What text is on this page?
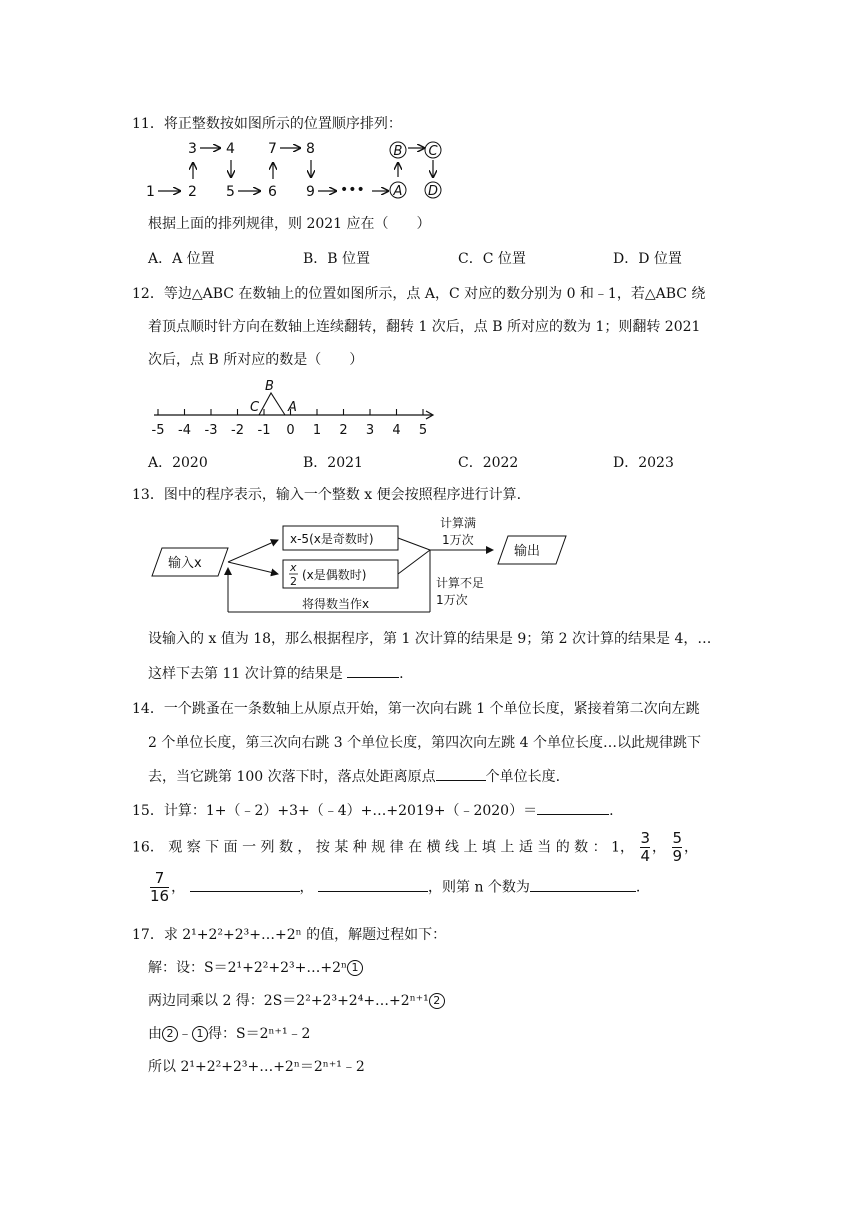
11．将正整数按如图所示的位置顺序排列：
1 2
3 4
5 6
7 8
9 ••• A
B C
D
根据上面的排列规律，则 2021 应在（　　）
A．A 位置	B．B 位置	C．C 位置	D．D 位置
12．等边△ABC 在数轴上的位置如图所示，点 A，C 对应的数分别为 0 和﹣1，若△ABC 绕
着顶点顺时针方向在数轴上连续翻转，翻转 1 次后，点 B 所对应的数为 1；则翻转 2021
次后，点 B 所对应的数是（　　）
-5 -4 -3 -2 -1 0 1 2 3 4 5
B
C A
A．2020	B．2021	C．2022	D．2023
13．图中的程序表示，输入一个整数 x 便会按照程序进行计算.
输入x
x-5(x是奇数时)
x
2 (x是偶数时)
计算满
1万次
输出
计算不足
1万次
将得数当作x
设输入的 x 值为 18，那么根据程序，第 1 次计算的结果是 9；第 2 次计算的结果是 4，…
这样下去第 11 次计算的结果是	.
14．一个跳蚤在一条数轴上从原点开始，第一次向右跳 1 个单位长度，紧接着第二次向左跳
2 个单位长度，第三次向右跳 3 个单位长度，第四次向左跳 4 个单位长度…以此规律跳下
去，当它跳第 100 次落下时，落点处距离原点	个单位长度.
15．计算：1+（﹣2）+3+（﹣4）+…+2019+（﹣2020）＝	.
16． 观 察 下 面 一 列 数 ， 按 某 种 规 律 在 横 线 上 填 上 适 当 的 数 ： 1， $\frac{3}{4}$ ， $\frac{5}{9}$ ，
$\frac{7}{16}$ ，	，	，则第 n 个数为	.
17．求 2¹+2²+2³+…+2ⁿ 的值，解题过程如下：
解：设：S＝2¹+2²+2³+…+2ⁿ 1
两边同乘以 2 得：2S＝2²+2³+2⁴+…+2ⁿ⁺¹ 2
由 2 ﹣ 1 得：S＝2ⁿ⁺¹﹣2
所以 2¹+2²+2³+…+2ⁿ＝2ⁿ⁺¹﹣2
